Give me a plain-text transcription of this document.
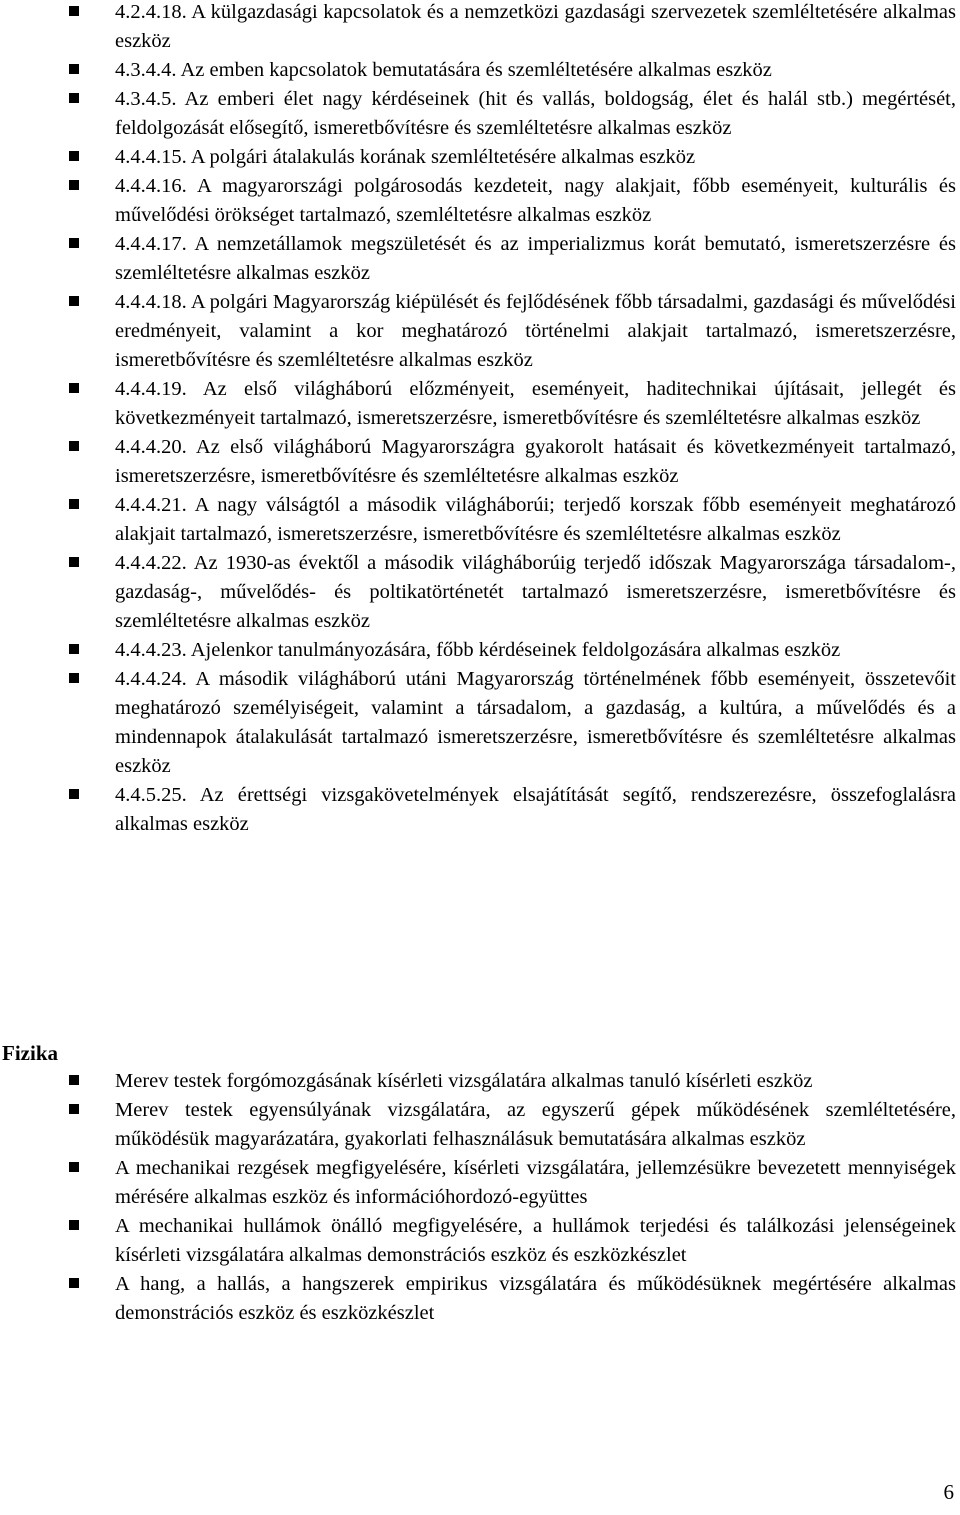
4.2.4.18. A külgazdasági kapcsolatok és a nemzetközi gazdasági szervezetek szemléltetésére alkalmas eszköz
4.3.4.4. Az emben kapcsolatok bemutatására és szemléltetésére alkalmas eszköz
4.3.4.5. Az emberi élet nagy kérdéseinek (hit és vallás, boldogság, élet és halál stb.) megértését, feldolgozását elősegítő, ismeretbővítésre és szemléltetésre alkalmas eszköz
4.4.4.15. A polgári átalakulás korának szemléltetésére alkalmas eszköz
4.4.4.16. A magyarországi polgárosodás kezdeteit, nagy alakjait, főbb eseményeit, kulturális és művelődési örökséget tartalmazó, szemléltetésre alkalmas eszköz
4.4.4.17. A nemzetállamok megszületését és az imperializmus korát bemutató, ismeretszerzésre és szemléltetésre alkalmas eszköz
4.4.4.18. A polgári Magyarország kiépülését és fejlődésének főbb társadalmi, gazdasági és művelődési eredményeit, valamint a kor meghatározó történelmi alakjait tartalmazó, ismeretszerzésre, ismeretbővítésre és szemléltetésre alkalmas eszköz
4.4.4.19. Az első világháború előzményeit, eseményeit, haditechnikai újításait, jellegét és következményeit tartalmazó, ismeretszerzésre, ismeretbővítésre és szemléltetésre alkalmas eszköz
4.4.4.20. Az első világháború Magyarországra gyakorolt hatásait és következményeit tartalmazó, ismeretszerzésre, ismeretbővítésre és szemléltetésre alkalmas eszköz
4.4.4.21. A nagy válságtól a második világháborúi; terjedő korszak főbb eseményeit meghatározó alakjait tartalmazó, ismeretszerzésre, ismeretbővítésre és szemléltetésre alkalmas eszköz
4.4.4.22. Az 1930-as évektől a második világháborúig terjedő időszak Magyarországa társadalom-, gazdaság-, művelődés- és poltikatörténetét tartalmazó ismeretszerzésre, ismeretbővítésre és szemléltetésre alkalmas eszköz
4.4.4.23. Ajelenkor tanulmányozására, főbb kérdéseinek feldolgozására alkalmas eszköz
4.4.4.24. A második világháború utáni Magyarország történelmének főbb eseményeit, összetevőit meghatározó személyiségeit, valamint a társadalom, a gazdaság, a kultúra, a művelődés és a mindennapok átalakulását tartalmazó ismeretszerzésre, ismeretbővítésre és szemléltetésre alkalmas eszköz
4.4.5.25. Az érettségi vizsgakövetelmények elsajátítását segítő, rendszerezésre, összefoglalásra alkalmas eszköz
Fizika
Merev testek forgómozgásának kísérleti vizsgálatára alkalmas tanuló kísérleti eszköz
Merev testek egyensúlyának vizsgálatára, az egyszerű gépek működésének szemléltetésére, működésük magyarázatára, gyakorlati felhasználásuk bemutatására alkalmas eszköz
A mechanikai rezgések megfigyelésére, kísérleti vizsgálatára, jellemzésükre bevezetett mennyiségek mérésére alkalmas eszköz és információhordozó-együttes
A mechanikai hullámok önálló megfigyelésére, a hullámok terjedési és találkozási jelenségeinek kísérleti vizsgálatára alkalmas demonstrációs eszköz és eszközkészlet
A hang, a hallás, a hangszerek empirikus vizsgálatára és működésüknek megértésére alkalmas demonstrációs eszköz és eszközkészlet
6
